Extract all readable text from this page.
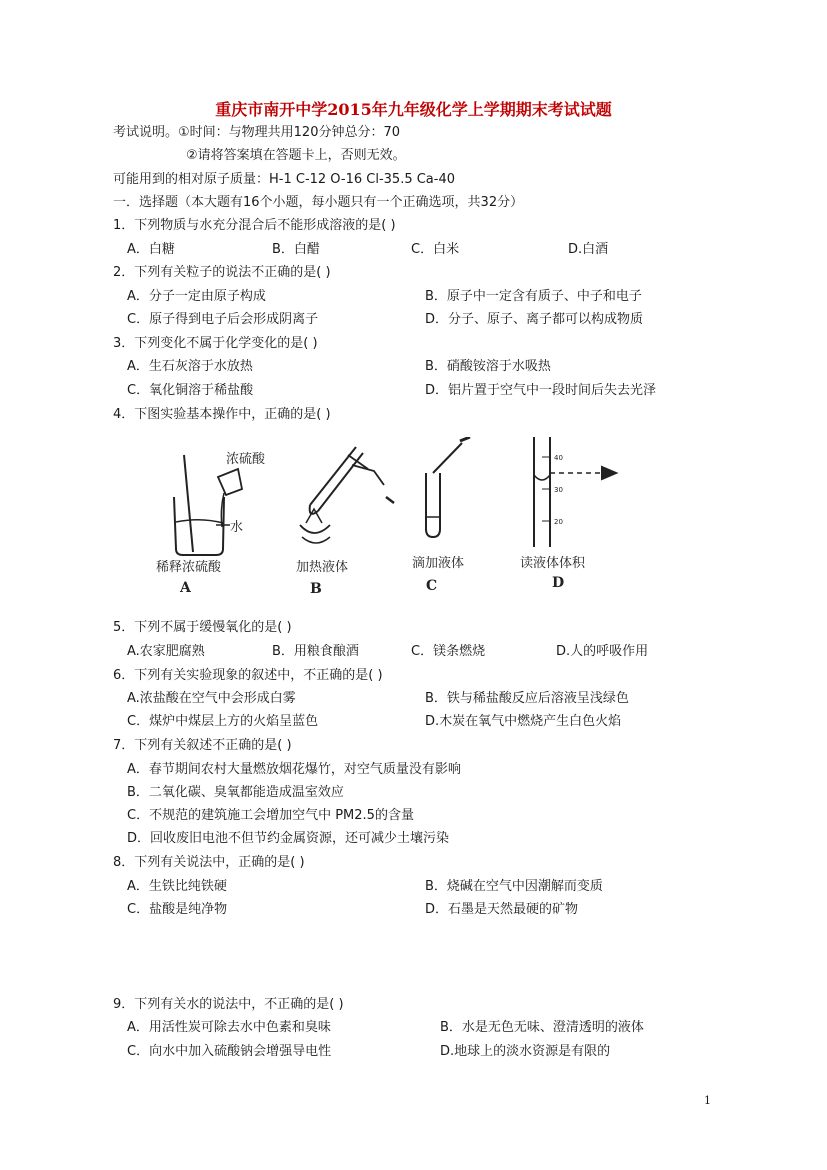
重庆市南开中学2015年九年级化学上学期期末考试试题
考试说明。①时间：与物理共用120分钟总分：70
②请将答案填在答题卡上，否则无效。
可能用到的相对原子质量：H-1 C-12 O-16 Cl-35.5 Ca-40
一．选择题（本大题有16个小题，每小题只有一个正确选项，共32分）
1．下列物质与水充分混合后不能形成溶液的是( )
A．白糖	B．白醋	C．白米	D.白酒
2．下列有关粒子的说法不正确的是( )
A．分子一定由原子构成	B．原子中一定含有质子、中子和电子
C．原子得到电子后会形成阴离子	D．分子、原子、离子都可以构成物质
3．下列变化不属于化学变化的是( )
A．生石灰溶于水放热	B．硝酸铵溶于水吸热
C．氧化铜溶于稀盐酸	D．铝片置于空气中一段时间后失去光泽
4．下图实验基本操作中，正确的是( )
浓硫酸
水
稀释浓硫酸
A
加热液体
B
滴加液体
C
40
30
20
读液体体积
D
5．下列不属于缓慢氧化的是( )
A.农家肥腐熟	B．用粮食酿酒	C．镁条燃烧	D.人的呼吸作用
6．下列有关实验现象的叙述中，不正确的是( )
A.浓盐酸在空气中会形成白雾	B．铁与稀盐酸反应后溶液呈浅绿色
C．煤炉中煤层上方的火焰呈蓝色	D.木炭在氧气中燃烧产生白色火焰
7．下列有关叙述不正确的是( )
A．春节期间农村大量燃放烟花爆竹，对空气质量没有影响
B．二氧化碳、臭氧都能造成温室效应
C．不规范的建筑施工会增加空气中 PM2.5的含量
D．回收废旧电池不但节约金属资源，还可减少土壤污染
8．下列有关说法中，正确的是( )
A．生铁比纯铁硬	B．烧碱在空气中因潮解而变质
C．盐酸是纯净物	D．石墨是天然最硬的矿物
9．下列有关水的说法中，不正确的是( )
A．用活性炭可除去水中色素和臭味	B．水是无色无味、澄清透明的液体
C．向水中加入硫酸钠会增强导电性	D.地球上的淡水资源是有限的
1
